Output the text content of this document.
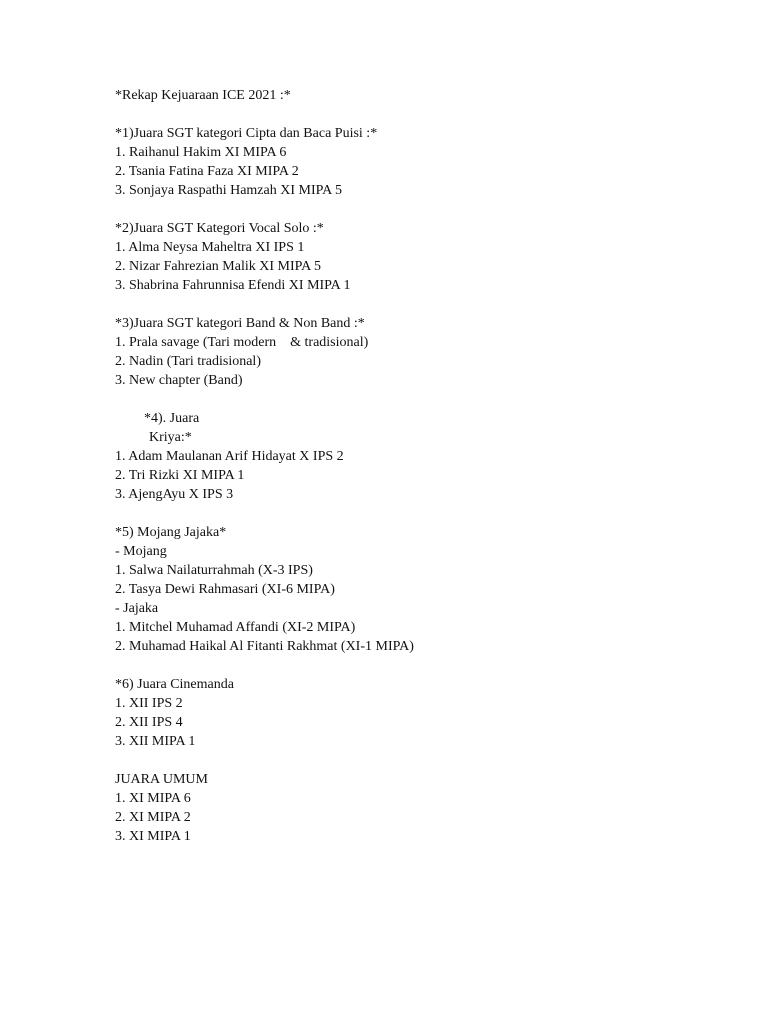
*Rekap Kejuaraan ICE 2021 :*
*1)Juara SGT kategori Cipta dan Baca Puisi :*
1. Raihanul Hakim XI MIPA 6
2. Tsania Fatina Faza XI MIPA 2
3. Sonjaya Raspathi Hamzah XI MIPA 5
*2)Juara SGT Kategori Vocal Solo :*
1. Alma Neysa Maheltra XI IPS 1
2. Nizar Fahrezian Malik XI MIPA 5
3. Shabrina Fahrunnisa Efendi XI MIPA 1
*3)Juara SGT kategori Band & Non Band :*
1. Prala savage (Tari modern    & tradisional)
2. Nadin (Tari tradisional)
3. New chapter (Band)
*4). Juara
Kriya:*
1. Adam Maulanan Arif Hidayat X IPS 2
2. Tri Rizki XI MIPA 1
3. AjengAyu X IPS 3
*5) Mojang Jajaka*
- Mojang
1. Salwa Nailaturrahmah (X-3 IPS)
2. Tasya Dewi Rahmasari (XI-6 MIPA)
- Jajaka
1. Mitchel Muhamad Affandi (XI-2 MIPA)
2. Muhamad Haikal Al Fitanti Rakhmat (XI-1 MIPA)
*6) Juara Cinemanda
1. XII IPS 2
2. XII IPS 4
3. XII MIPA 1
JUARA UMUM
1. XI MIPA 6
2. XI MIPA 2
3. XI MIPA 1
